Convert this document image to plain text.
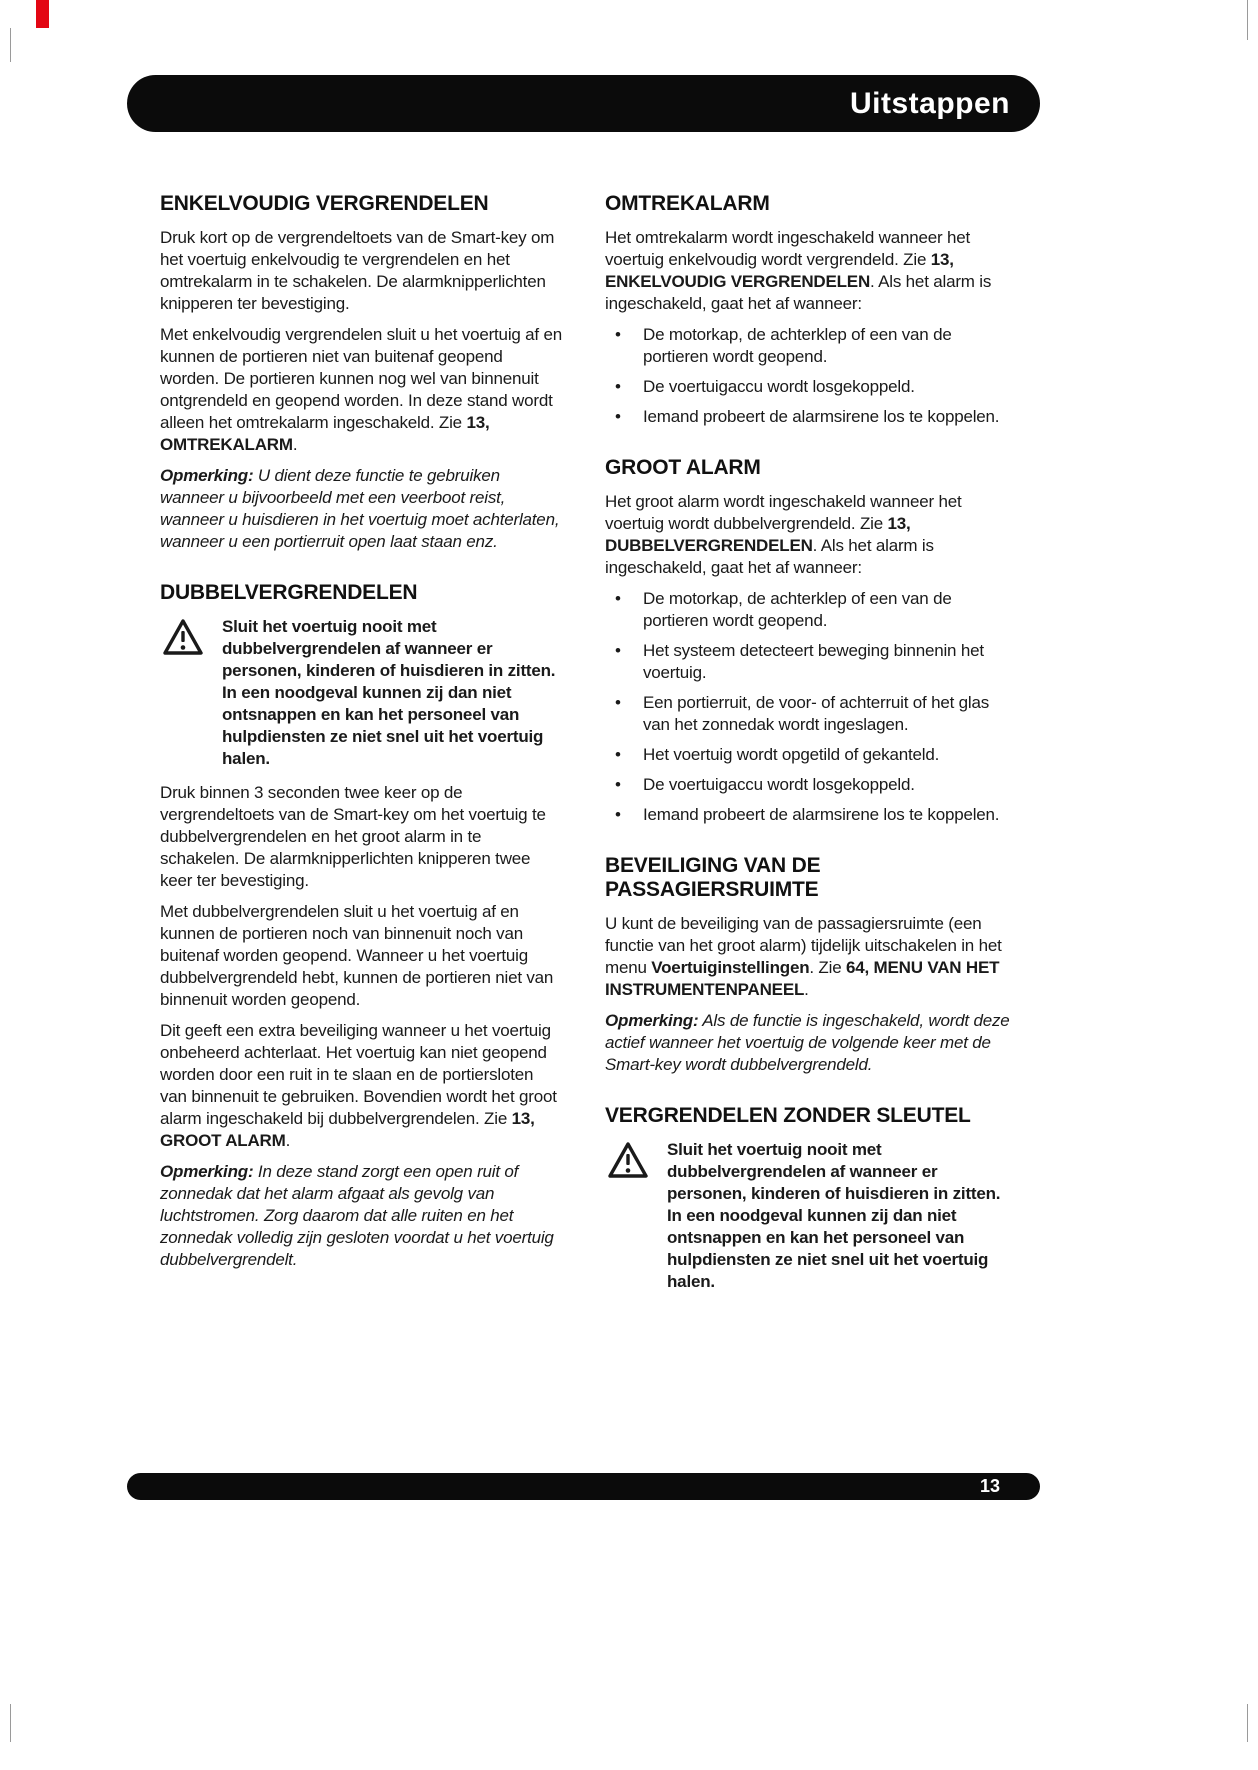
Uitstappen
ENKELVOUDIG VERGRENDELEN

Druk kort op de vergrendeltoets van de Smart-key om het voertuig enkelvoudig te vergrendelen en het omtrekalarm in te schakelen. De alarmknipperlichten knipperen ter bevestiging.

Met enkelvoudig vergrendelen sluit u het voertuig af en kunnen de portieren niet van buitenaf geopend worden. De portieren kunnen nog wel van binnenuit ontgrendeld en geopend worden. In deze stand wordt alleen het omtrekalarm ingeschakeld. Zie 13, OMTREKALARM.

Opmerking: U dient deze functie te gebruiken wanneer u bijvoorbeeld met een veerboot reist, wanneer u huisdieren in het voertuig moet achterlaten, wanneer u een portierruit open laat staan enz.

DUBBELVERGRENDELEN

Sluit het voertuig nooit met dubbelvergrendelen af wanneer er personen, kinderen of huisdieren in zitten. In een noodgeval kunnen zij dan niet ontsnappen en kan het personeel van hulpdiensten ze niet snel uit het voertuig halen.

Druk binnen 3 seconden twee keer op de vergrendeltoets van de Smart-key om het voertuig te dubbelvergrendelen en het groot alarm in te schakelen. De alarmknipperlichten knipperen twee keer ter bevestiging.

Met dubbelvergrendelen sluit u het voertuig af en kunnen de portieren noch van binnenuit noch van buitenaf worden geopend. Wanneer u het voertuig dubbelvergrendeld hebt, kunnen de portieren niet van binnenuit worden geopend.

Dit geeft een extra beveiliging wanneer u het voertuig onbeheerd achterlaat. Het voertuig kan niet geopend worden door een ruit in te slaan en de portiersloten van binnenuit te gebruiken. Bovendien wordt het groot alarm ingeschakeld bij dubbelvergrendelen. Zie 13, GROOT ALARM.

Opmerking: In deze stand zorgt een open ruit of zonnedak dat het alarm afgaat als gevolg van luchtstromen. Zorg daarom dat alle ruiten en het zonnedak volledig zijn gesloten voordat u het voertuig dubbelvergrendelt.

OMTREKALARM

Het omtrekalarm wordt ingeschakeld wanneer het voertuig enkelvoudig wordt vergrendeld. Zie 13, ENKELVOUDIG VERGRENDELEN. Als het alarm is ingeschakeld, gaat het af wanneer:

• De motorkap, de achterklep of een van de portieren wordt geopend.
• De voertuigaccu wordt losgekoppeld.
• Iemand probeert de alarmsirene los te koppelen.
GROOT ALARM

Het groot alarm wordt ingeschakeld wanneer het voertuig wordt dubbelvergrendeld. Zie 13, DUBBELVERGRENDELEN. Als het alarm is ingeschakeld, gaat het af wanneer:

• De motorkap, de achterklep of een van de portieren wordt geopend.
• Het systeem detecteert beweging binnenin het voertuig.
• Een portierruit, de voor- of achterruit of het glas van het zonnedak wordt ingeslagen.
• Het voertuig wordt opgetild of gekanteld.
• De voertuigaccu wordt losgekoppeld.
• Iemand probeert de alarmsirene los te koppelen.
BEVEILIGING VAN DE PASSAGIERSRUIMTE

U kunt de beveiliging van de passagiersruimte (een functie van het groot alarm) tijdelijk uitschakelen in het menu Voertuiginstellingen. Zie 64, MENU VAN HET INSTRUMENTENPANEEL.

Opmerking: Als de functie is ingeschakeld, wordt deze actief wanneer het voertuig de volgende keer met de Smart-key wordt dubbelvergrendeld.

VERGRENDELEN ZONDER SLEUTEL

Sluit het voertuig nooit met dubbelvergrendelen af wanneer er personen, kinderen of huisdieren in zitten. In een noodgeval kunnen zij dan niet ontsnappen en kan het personeel van hulpdiensten ze niet snel uit het voertuig halen.

13
